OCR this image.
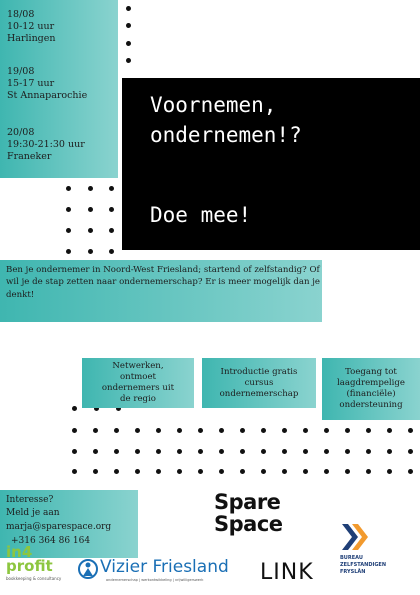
18/08
10-12 uur
Harlingen
19/08
15-17 uur
St Annaparochie
20/08
19:30-21:30 uur
Franeker
Voornemen,
ondernemen!?
Doe mee!

Ben je ondernemer in Noord-West Friesland; startend of zelfstandig? Of wil je de stap zetten naar ondernemerschap? Er is meer mogelijk dan je denkt!

Netwerken, ontmoet ondernemers uit de regio
Introductie gratis cursus ondernemerschap
Toegang tot laagdrempelige (financiële) ondersteuning
Interesse?
Meld je aan
marja@sparespace.org
+316 364 86 164
Spare
Space
in4
profit
bookkeeping & consultancy
Vizier Friesland
ondernemerschap | werkontwikkeling | vrijwilligerswerk	LINK
BUREAU
ZELFSTANDIGEN
FRYSLÂN
